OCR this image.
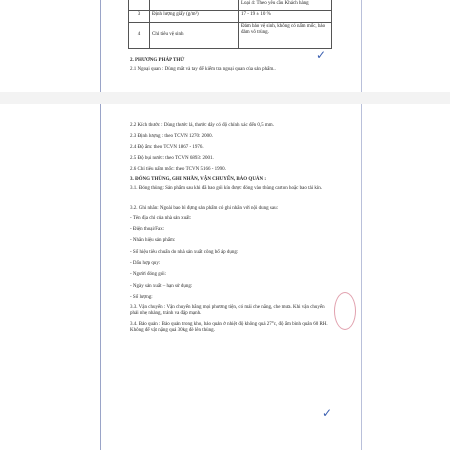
		Loại 4: Theo yêu cầu Khách hàng
3	Định lượng giấy (g/m²)	17 - 19 ± 10 %
4	Chỉ tiêu vệ sinh	Đảm bảo vệ sinh, không có nấm mốc, bảo đảm vô trùng.
✓
2. PHƯƠNG PHÁP THỬ
2.1 Ngoại quan : Dùng mắt và tay để kiểm tra ngoại quan của sản phẩm..
2.2 Kích thước : Dùng thước lá, thước dây có độ chính xác đến 0,5 mm.
2.3 Định lượng : theo TCVN 1270: 2000.
2.4 Độ ẩm: theo TCVN 1867 - 1976.
2.5 Độ bụi nước: theo TCVN 6893: 2001.
2.6 Chỉ tiêu nấm mốc: theo TCVN 5166 - 1990.
3. ĐÓNG THÙNG, GHI NHÃN, VẬN CHUYỂN, BẢO QUẢN :
3.1. Đóng thùng: Sản phẩm sau khi đã bao gói kín được đóng vào thùng carton hoặc bao tải kín.
3.2. Ghi nhãn: Ngoài bao bì đựng sản phẩm có ghi nhãn với nội dung sau:
- Tên địa chỉ của nhà sản xuất:
- Điện thoại/Fax:
- Nhãn hiệu sản phẩm:
- Số hiệu tiêu chuẩn do nhà sản xuất công bố áp dụng:
- Dấu hợp quy:
- Người đóng gói:
- Ngày sản xuất – hạn sử dụng:
- Số lượng:
3.3. Vận chuyển : Vận chuyển bằng mọi phương tiện, có mái che nắng, che mưa. Khi vận chuyển phải nhẹ nhàng, tránh va đập mạnh.
3.4. Bảo quản : Bảo quản trong kho, bảo quản ở nhiệt độ không quá 27°c, độ ẩm bình quân 60 RH. Không để vật nặng quá 30kg đè lên thùng.
✓
